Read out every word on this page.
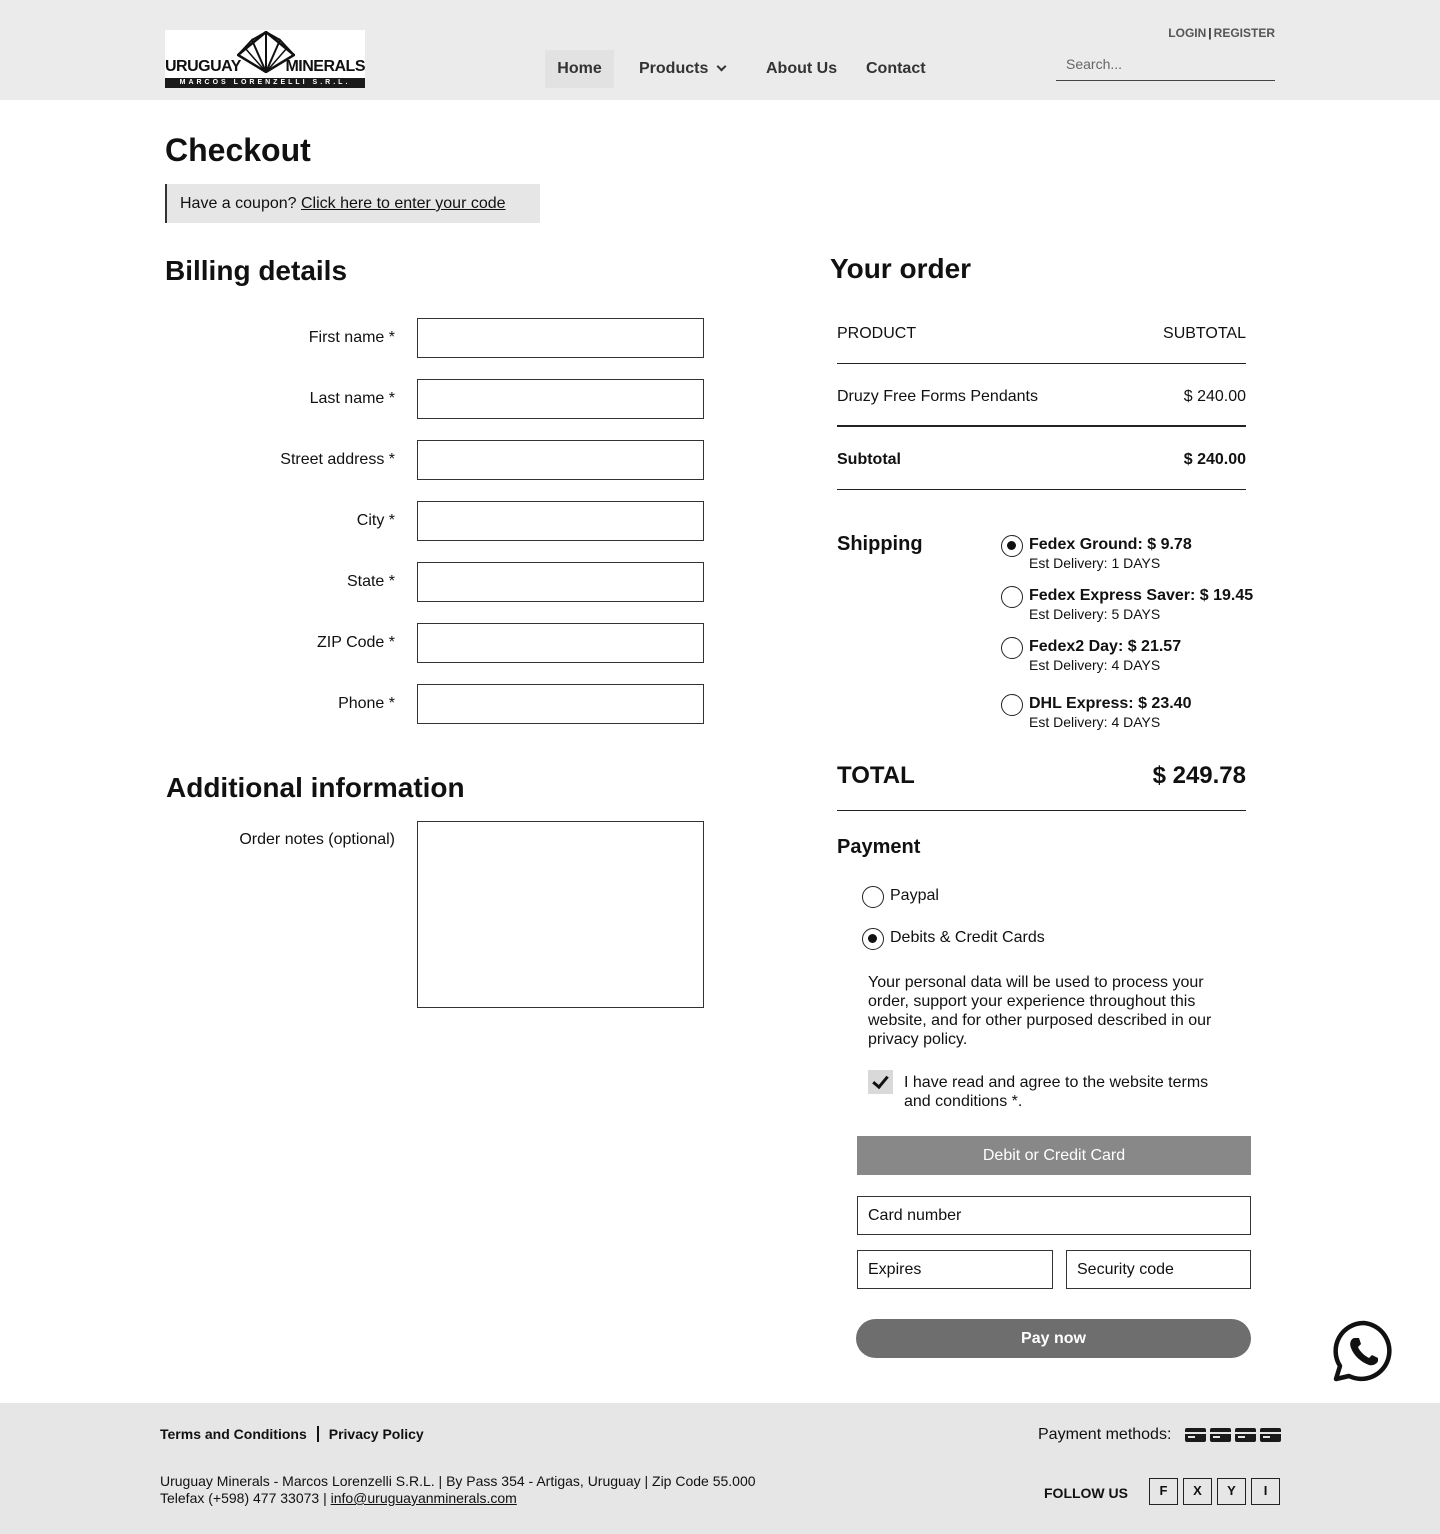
URUGUAY	MINERALS
MARCOS LORENZELLI S.R.L.
Home	Products	About Us Contact
LOGIN | REGISTER
Search...
Checkout
Have a coupon? Click here to enter your code
Billing details
First name *
Last name *
Street address *
City *
State *
ZIP Code *
Phone *
Additional information
Order notes (optional)
Your order
PRODUCT	SUBTOTAL
Druzy Free Forms Pendants	$ 240.00
Subtotal	$ 240.00
Shipping	Fedex Ground: $ 9.78
Est Delivery: 1 DAYS
Fedex Express Saver: $ 19.45
Est Delivery: 5 DAYS
Fedex2 Day: $ 21.57
Est Delivery: 4 DAYS
DHL Express: $ 23.40
Est Delivery: 4 DAYS
TOTAL	$ 249.78
Payment
Paypal
Debits & Credit Cards

Your personal data will be used to process your order, support your experience throughout this website, and for other purposed described in our privacy policy.

I have read and agree to the website terms and conditions *.

Debit or Credit Card
Card number
Expires
Security code
Pay now
Terms and Conditions Privacy Policy
Uruguay Minerals - Marcos Lorenzelli S.R.L. | By Pass 354 - Artigas, Uruguay | Zip Code 55.000
Telefax (+598) 477 33073 | info@uruguayanminerals.com
Payment methods:
FOLLOW US	F	X	Y	I
